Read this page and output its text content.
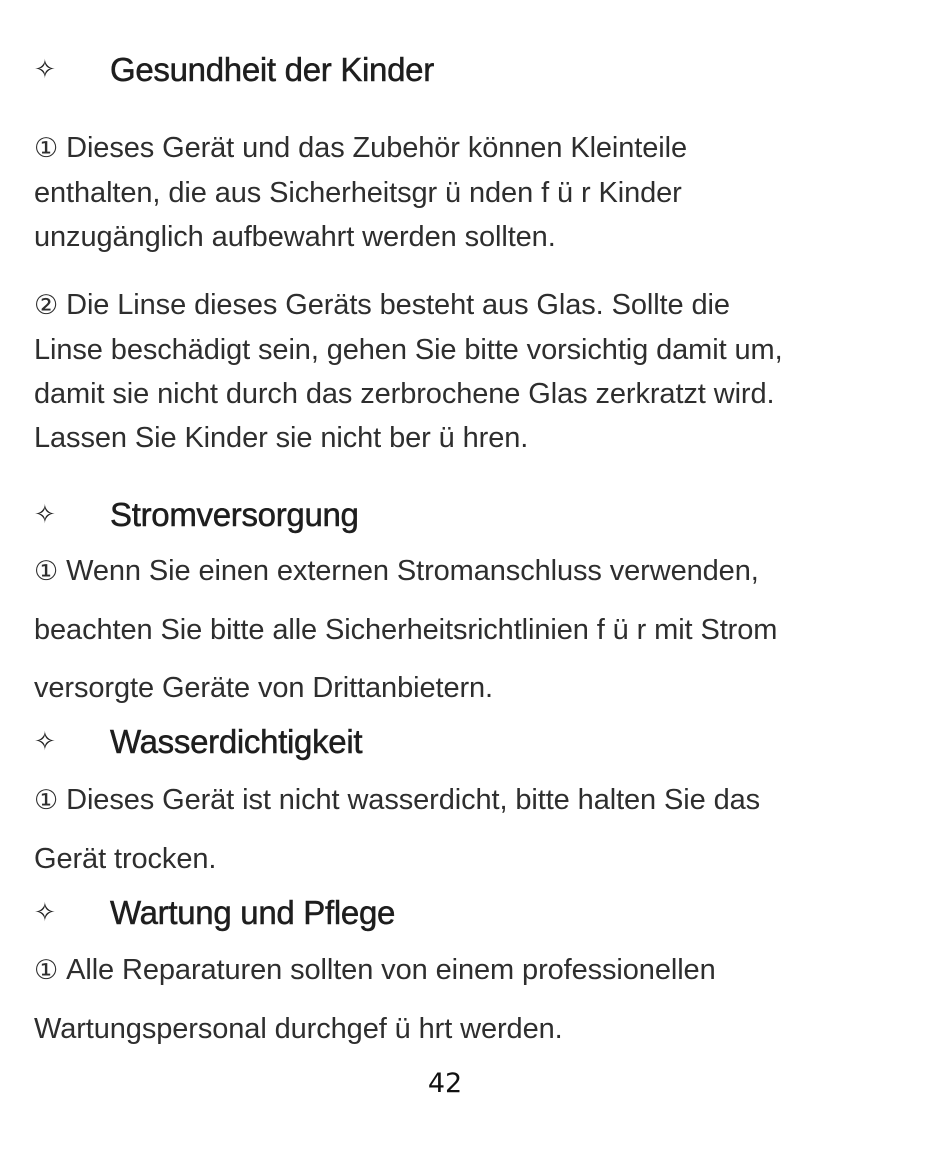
✧ Gesundheit der Kinder
① Dieses Gerät und das Zubehör können Kleinteile
enthalten, die aus Sicherheitsgr ü nden f ü r Kinder
unzugänglich aufbewahrt werden sollten.
② Die Linse dieses Geräts besteht aus Glas. Sollte die
Linse beschädigt sein, gehen Sie bitte vorsichtig damit um,
damit sie nicht durch das zerbrochene Glas zerkratzt wird.
Lassen Sie Kinder sie nicht ber ü hren.
✧ Stromversorgung
① Wenn Sie einen externen Stromanschluss verwenden,
beachten Sie bitte alle Sicherheitsrichtlinien f ü r mit Strom
versorgte Geräte von Drittanbietern.
✧ Wasserdichtigkeit
① Dieses Gerät ist nicht wasserdicht, bitte halten Sie das
Gerät trocken.
✧ Wartung und Pflege
① Alle Reparaturen sollten von einem professionellen
Wartungspersonal durchgef ü hrt werden.
42
